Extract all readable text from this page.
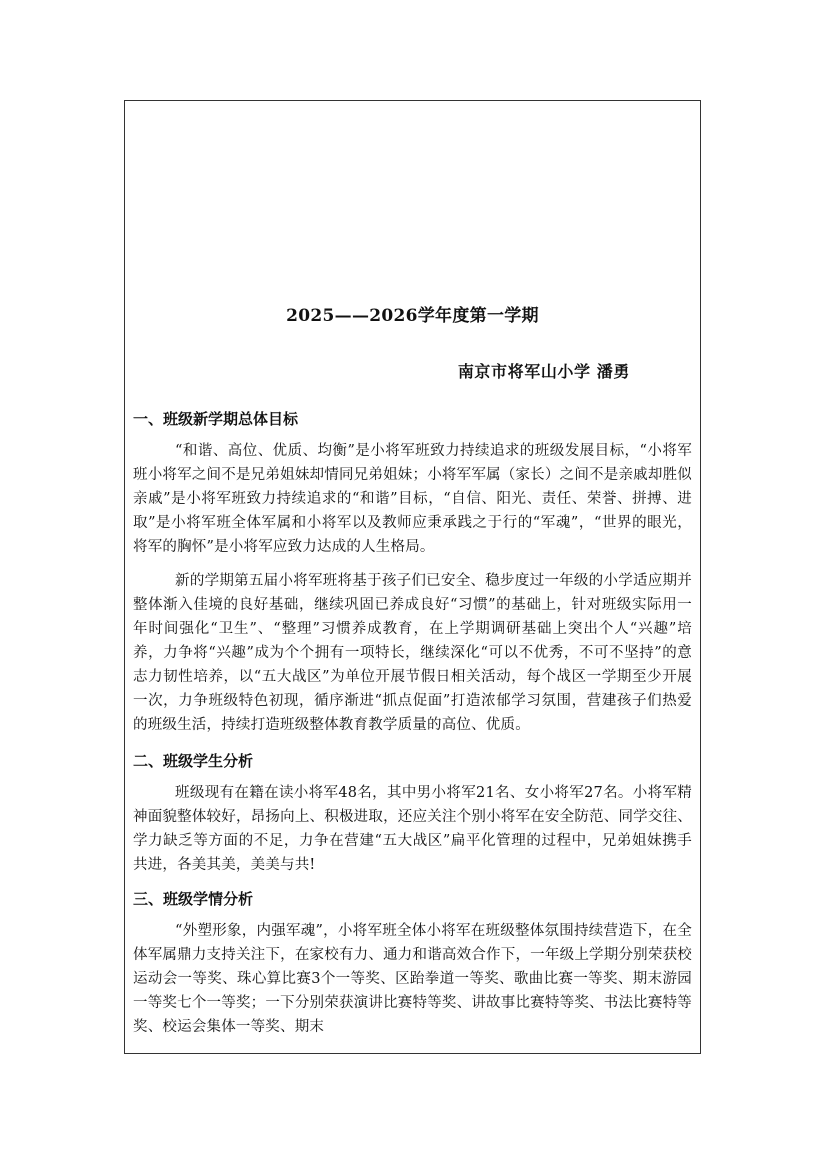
2025——2026学年度第一学期
南京市将军山小学 潘勇
一、班级新学期总体目标

“和谐、高位、优质、均衡”是小将军班致力持续追求的班级发展目标，“小将军班小将军之间不是兄弟姐妹却情同兄弟姐妹；小将军军属（家长）之间不是亲戚却胜似亲戚”是小将军班致力持续追求的“和谐”目标，“自信、阳光、责任、荣誉、拼搏、进取”是小将军班全体军属和小将军以及教师应秉承践之于行的“军魂”，“世界的眼光，将军的胸怀”是小将军应致力达成的人生格局。

新的学期第五届小将军班将基于孩子们已安全、稳步度过一年级的小学适应期并整体渐入佳境的良好基础，继续巩固已养成良好“习惯”的基础上，针对班级实际用一年时间强化“卫生”、“整理”习惯养成教育，在上学期调研基础上突出个人“兴趣”培养，力争将“兴趣”成为个个拥有一项特长，继续深化“可以不优秀，不可不坚持”的意志力韧性培养，以“五大战区”为单位开展节假日相关活动，每个战区一学期至少开展一次，力争班级特色初现，循序渐进“抓点促面”打造浓郁学习氛围，营建孩子们热爱的班级生活，持续打造班级整体教育教学质量的高位、优质。

二、班级学生分析

班级现有在籍在读小将军48名，其中男小将军21名、女小将军27名。小将军精神面貌整体较好，昂扬向上、积极进取，还应关注个别小将军在安全防范、同学交往、学力缺乏等方面的不足，力争在营建“五大战区”扁平化管理的过程中，兄弟姐妹携手共进，各美其美，美美与共!

三、班级学情分析

“外塑形象，内强军魂”，小将军班全体小将军在班级整体氛围持续营造下，在全体军属鼎力支持关注下，在家校有力、通力和谐高效合作下，一年级上学期分别荣获校运动会一等奖、珠心算比赛3个一等奖、区跆拳道一等奖、歌曲比赛一等奖、期末游园一等奖七个一等奖；一下分别荣获演讲比赛特等奖、讲故事比赛特等奖、书法比赛特等奖、校运会集体一等奖、期末
